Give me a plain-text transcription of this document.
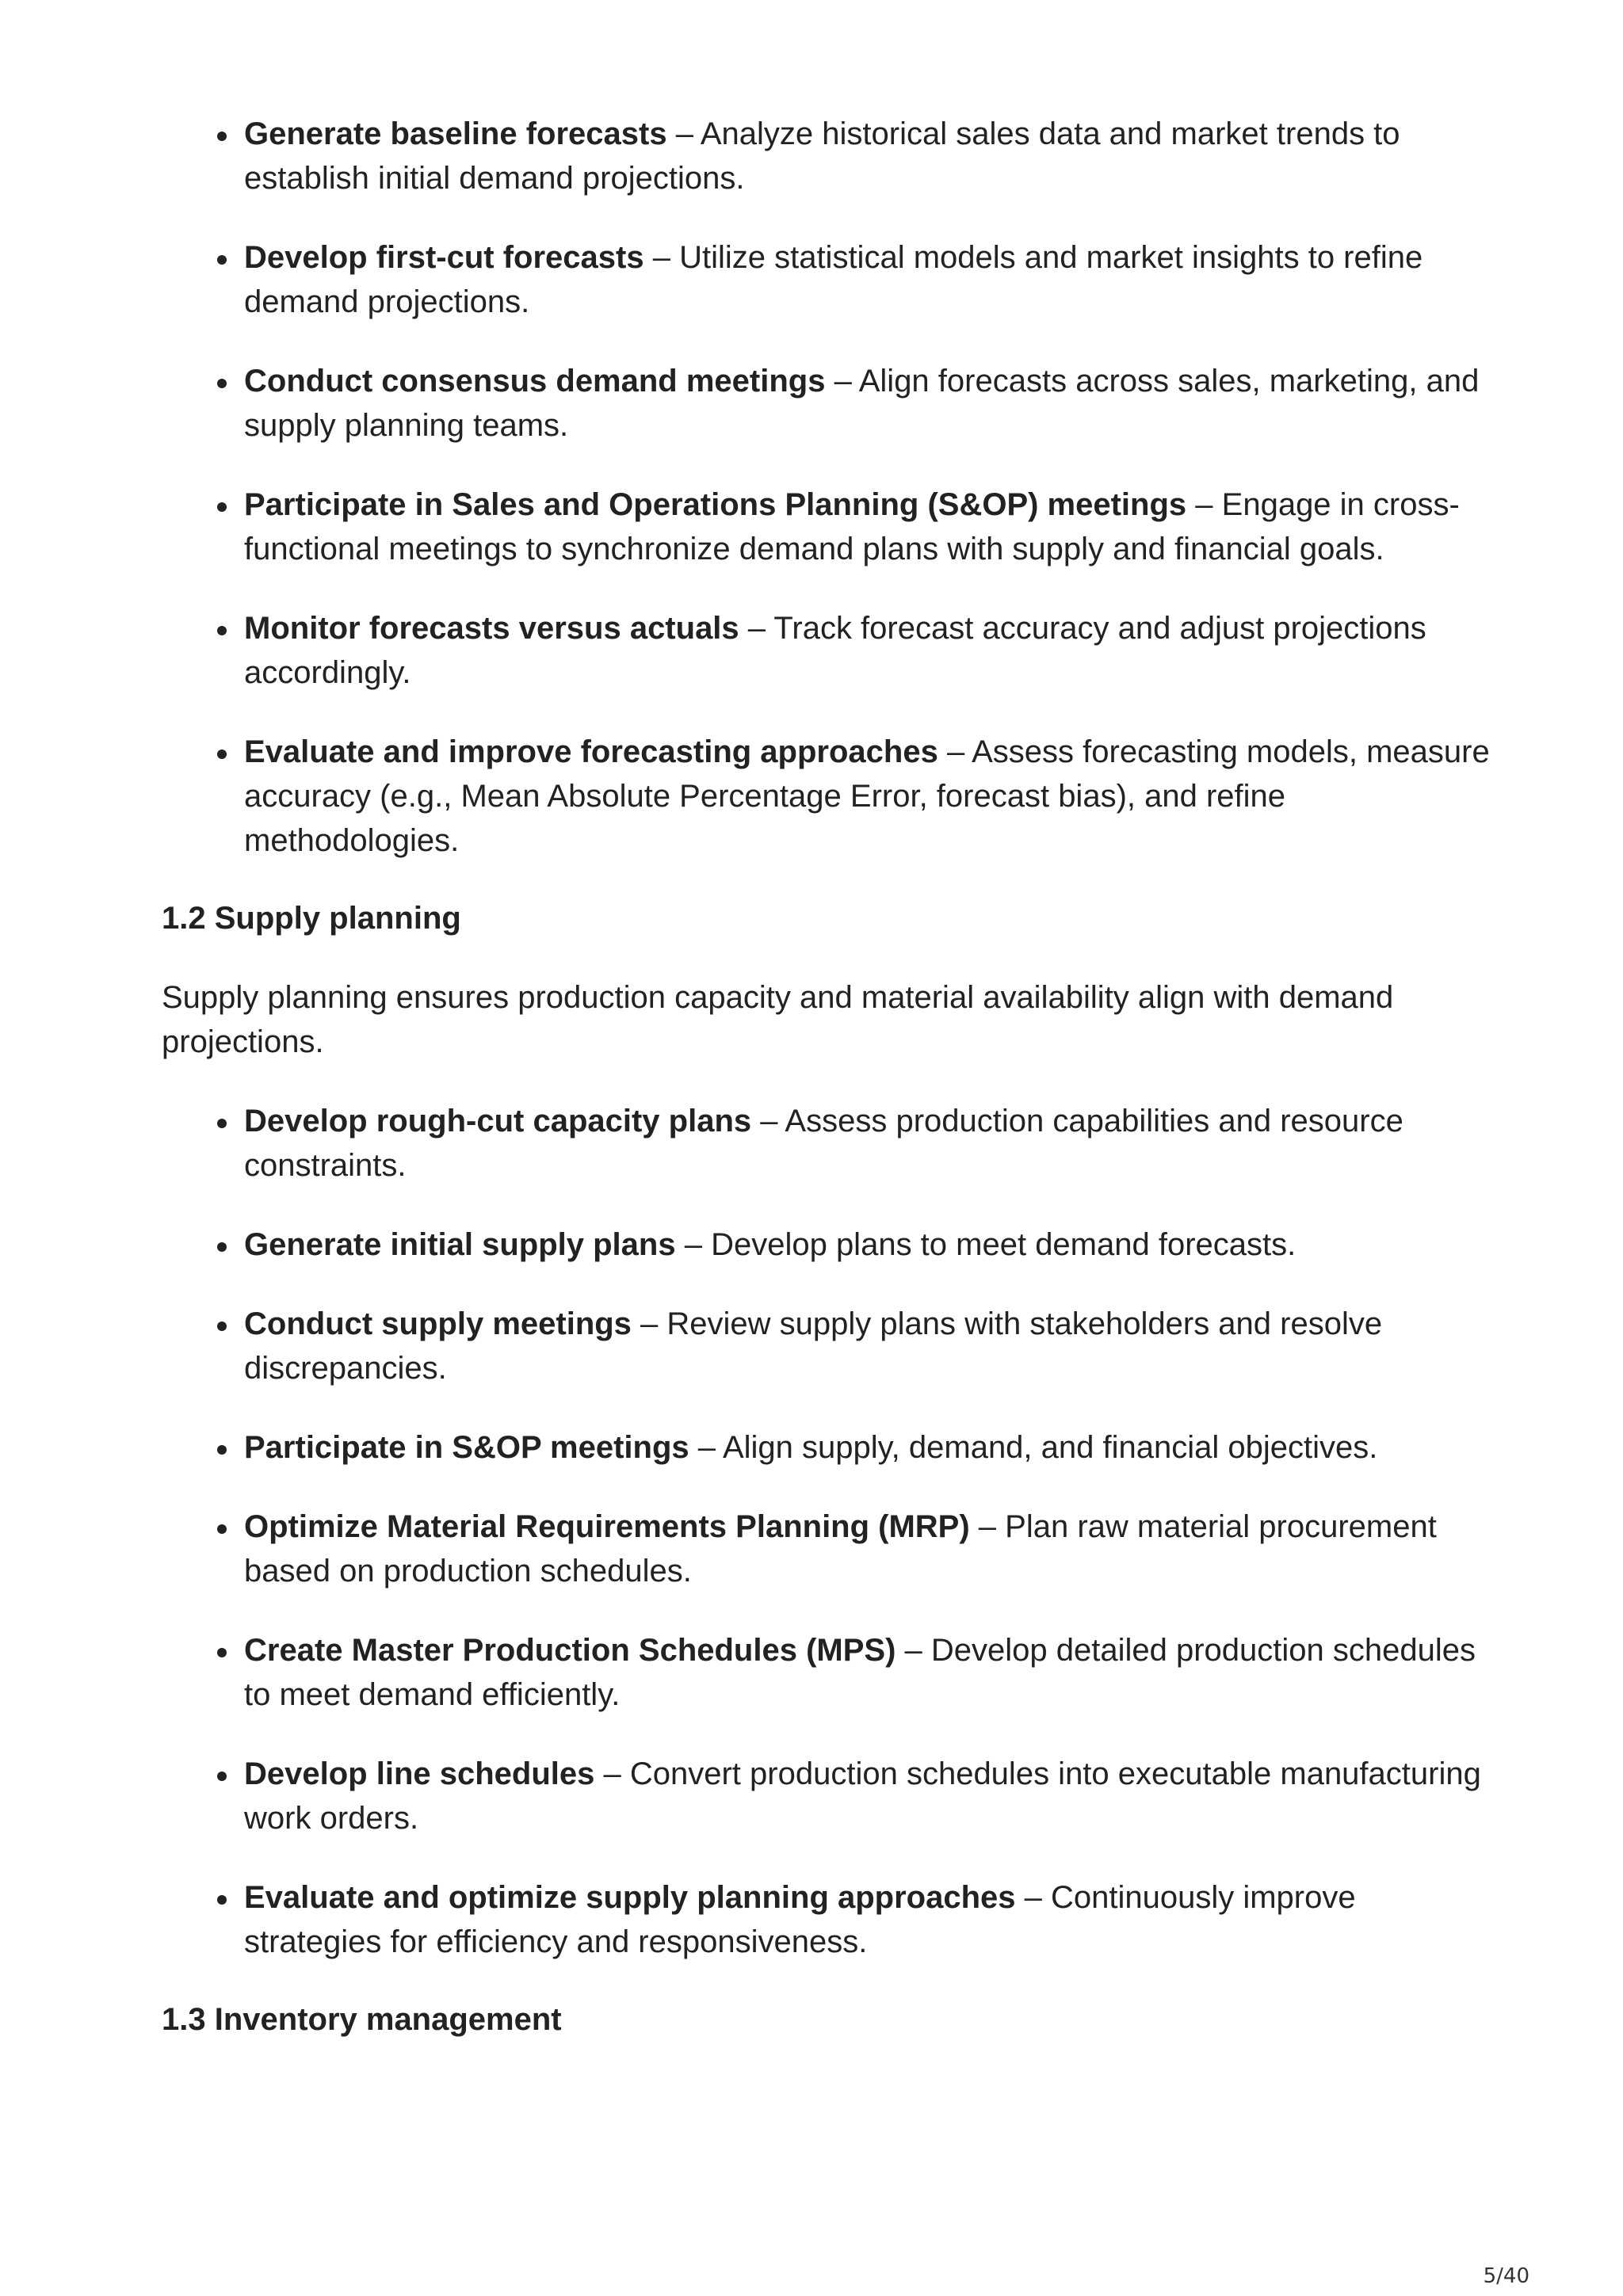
Generate baseline forecasts – Analyze historical sales data and market trends to establish initial demand projections.
Develop first-cut forecasts – Utilize statistical models and market insights to refine demand projections.
Conduct consensus demand meetings – Align forecasts across sales, marketing, and supply planning teams.
Participate in Sales and Operations Planning (S&OP) meetings – Engage in cross-functional meetings to synchronize demand plans with supply and financial goals.
Monitor forecasts versus actuals – Track forecast accuracy and adjust projections accordingly.
Evaluate and improve forecasting approaches – Assess forecasting models, measure accuracy (e.g., Mean Absolute Percentage Error, forecast bias), and refine methodologies.
1.2 Supply planning

Supply planning ensures production capacity and material availability align with demand projections.

Develop rough-cut capacity plans – Assess production capabilities and resource constraints.
Generate initial supply plans – Develop plans to meet demand forecasts.
Conduct supply meetings – Review supply plans with stakeholders and resolve discrepancies.
Participate in S&OP meetings – Align supply, demand, and financial objectives.
Optimize Material Requirements Planning (MRP) – Plan raw material procurement based on production schedules.
Create Master Production Schedules (MPS) – Develop detailed production schedules to meet demand efficiently.
Develop line schedules – Convert production schedules into executable manufacturing work orders.
Evaluate and optimize supply planning approaches – Continuously improve strategies for efficiency and responsiveness.
1.3 Inventory management
5/40
